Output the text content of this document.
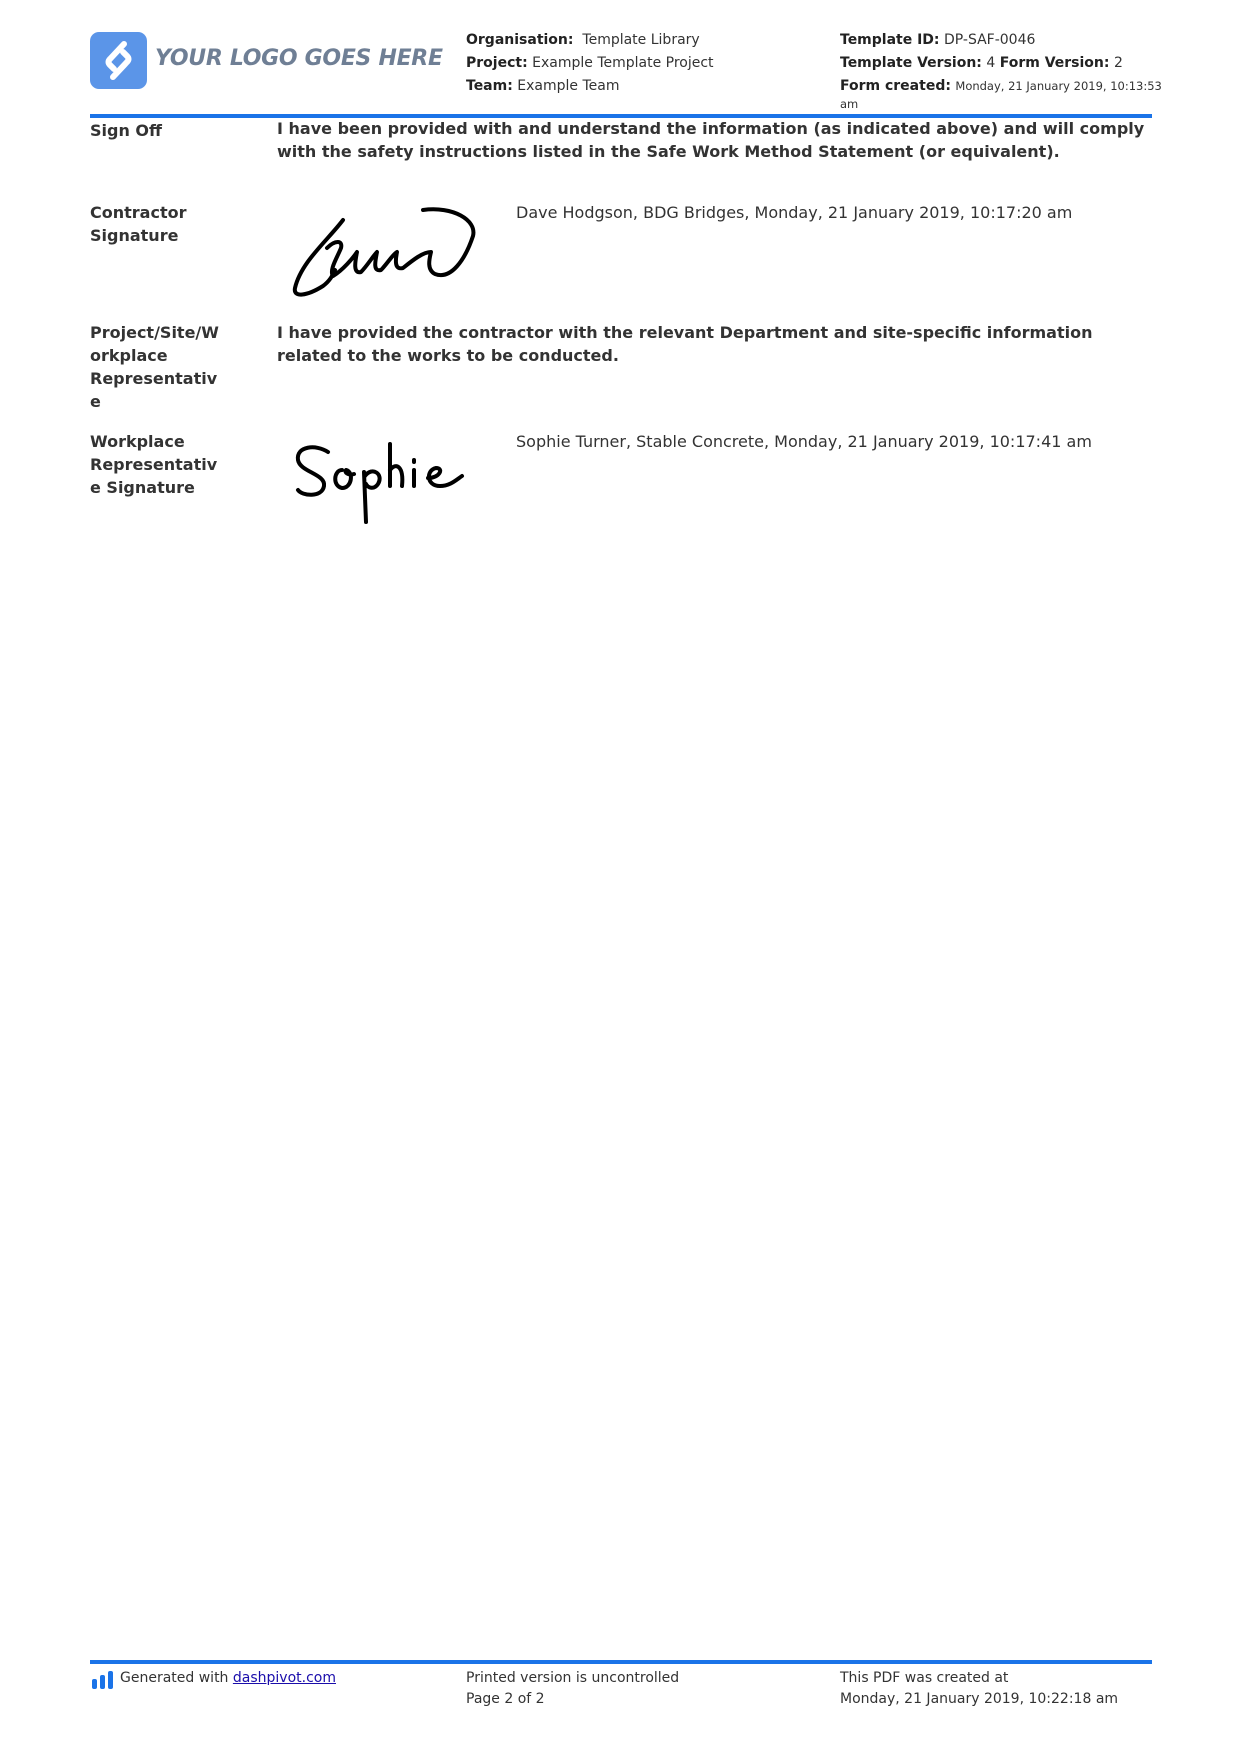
YOUR LOGO GOES HERE
Organisation: Template Library
Project: Example Template Project
Team: Example Team
Template ID: DP-SAF-0046
Template Version: 4 Form Version: 2
Form created: Monday, 21 January 2019, 10:13:53
am
Sign Off	I have been provided with and understand the information (as indicated above) and will comply with the safety instructions listed in the Safe Work Method Statement (or equivalent).
Contractor Signature
Dave Hodgson, BDG Bridges, Monday, 21 January 2019, 10:17:20 am
Project/Site/W orkplace Representativ e
I have provided the contractor with the relevant Department and site-specific information related to the works to be conducted.
Workplace Representativ e Signature
Sophie Turner, Stable Concrete, Monday, 21 January 2019, 10:17:41 am
Generated with dashpivot.com	Printed version is uncontrolled
Page 2 of 2
This PDF was created at
Monday, 21 January 2019, 10:22:18 am
